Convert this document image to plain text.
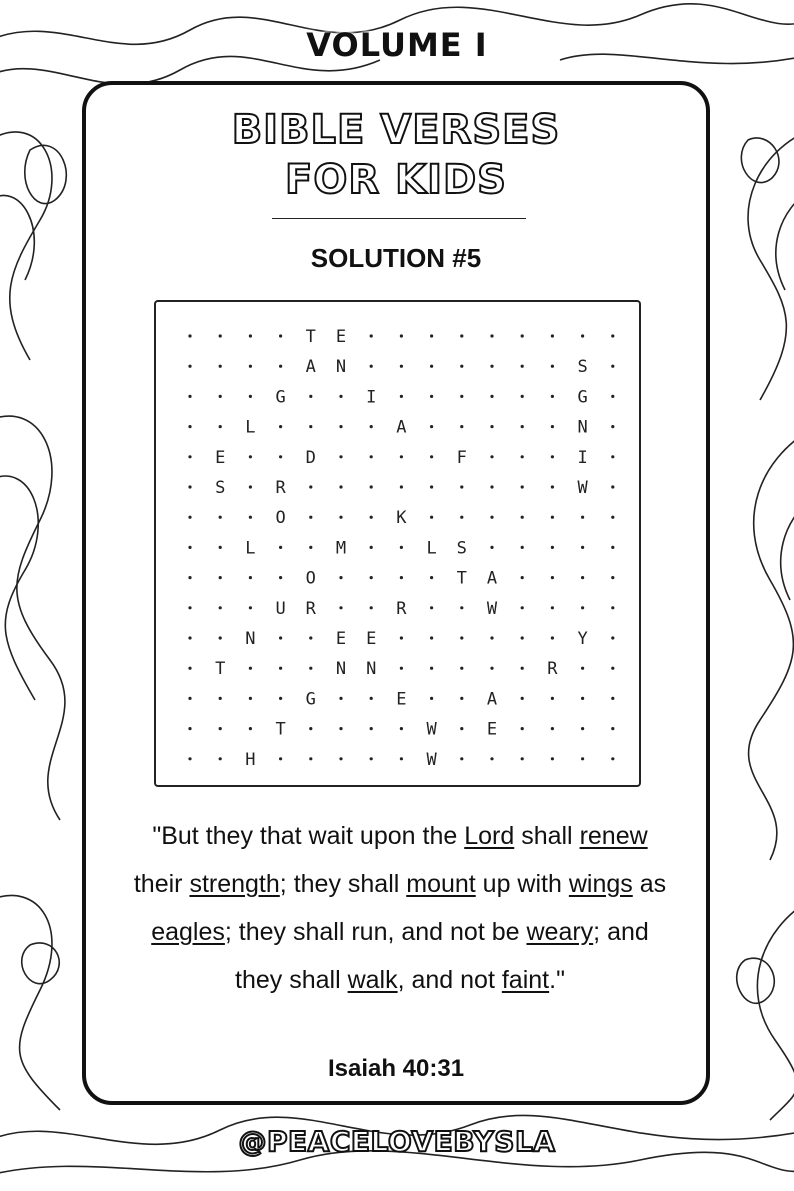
VOLUME I
BIBLE VERSES
FOR KIDS
SOLUTION #5
T E
A N	S
G	I	G
L	A	N
E	D	F	I
S	R	W
O	K
L	M	L S
O	T A
U R	R	W
N	E E	Y
T	N N	R
G	E	A
T	W	E
H	W
"But they that wait upon the Lord shall renew their strength; they shall mount up with wings as eagles; they shall run, and not be weary; and they shall walk, and not faint."
Isaiah 40:31
@PEACELOVEBYSLA
